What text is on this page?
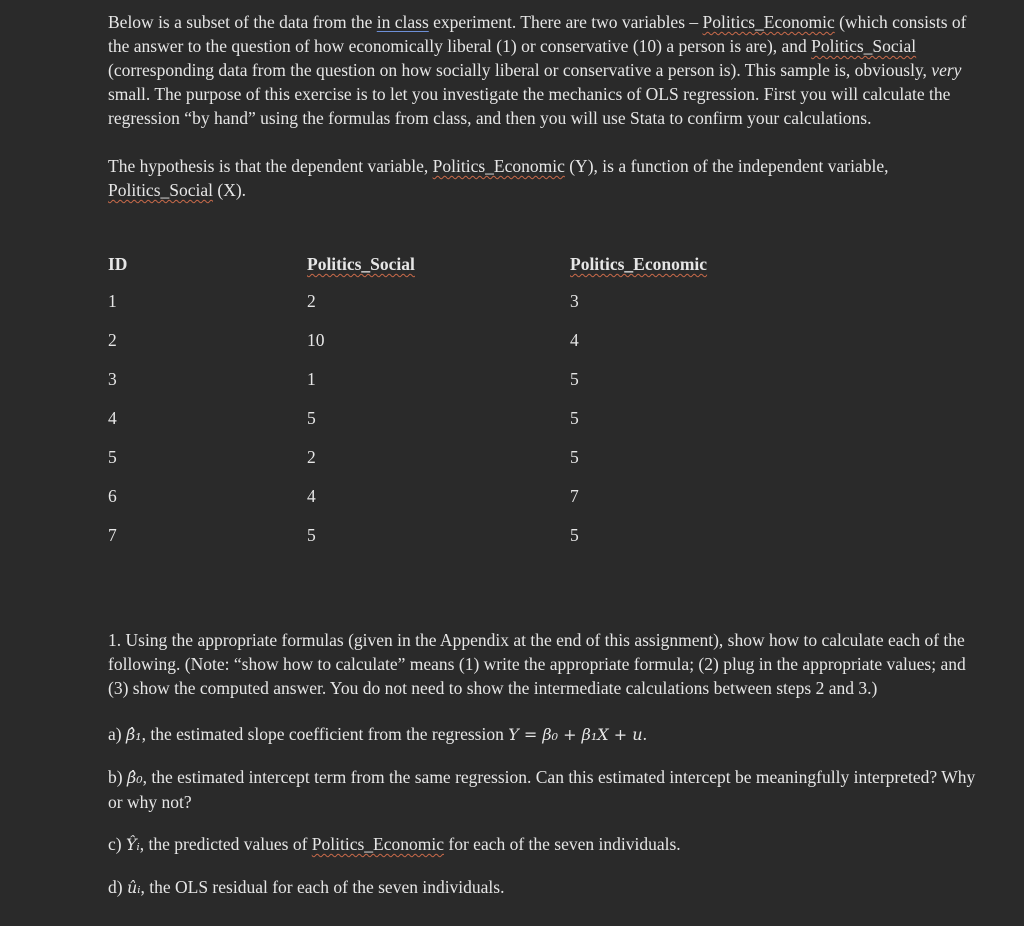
Below is a subset of the data from the in class experiment. There are two variables – Politics_Economic (which consists of the answer to the question of how economically liberal (1) or conservative (10) a person is are), and Politics_Social (corresponding data from the question on how socially liberal or conservative a person is). This sample is, obviously, very small. The purpose of this exercise is to let you investigate the mechanics of OLS regression. First you will calculate the regression “by hand” using the formulas from class, and then you will use Stata to confirm your calculations.

The hypothesis is that the dependent variable, Politics_Economic (Y), is a function of the independent variable, Politics_Social (X).

ID	Politics_Social	Politics_Economic
1	2	3
2	10	4
3	1	5
4	5	5
5	2	5
6	4	7
7	5	5

1. Using the appropriate formulas (given in the Appendix at the end of this assignment), show how to calculate each of the following. (Note: “show how to calculate” means (1) write the appropriate formula; (2) plug in the appropriate values; and (3) show the computed answer. You do not need to show the intermediate calculations between steps 2 and 3.)

a) β̂₁, the estimated slope coefficient from the regression Y = β₀ + β₁X + u.

b) β̂₀, the estimated intercept term from the same regression. Can this estimated intercept be meaningfully interpreted? Why or why not?

c) Ŷᵢ, the predicted values of Politics_Economic for each of the seven individuals.

d) ûᵢ, the OLS residual for each of the seven individuals.
